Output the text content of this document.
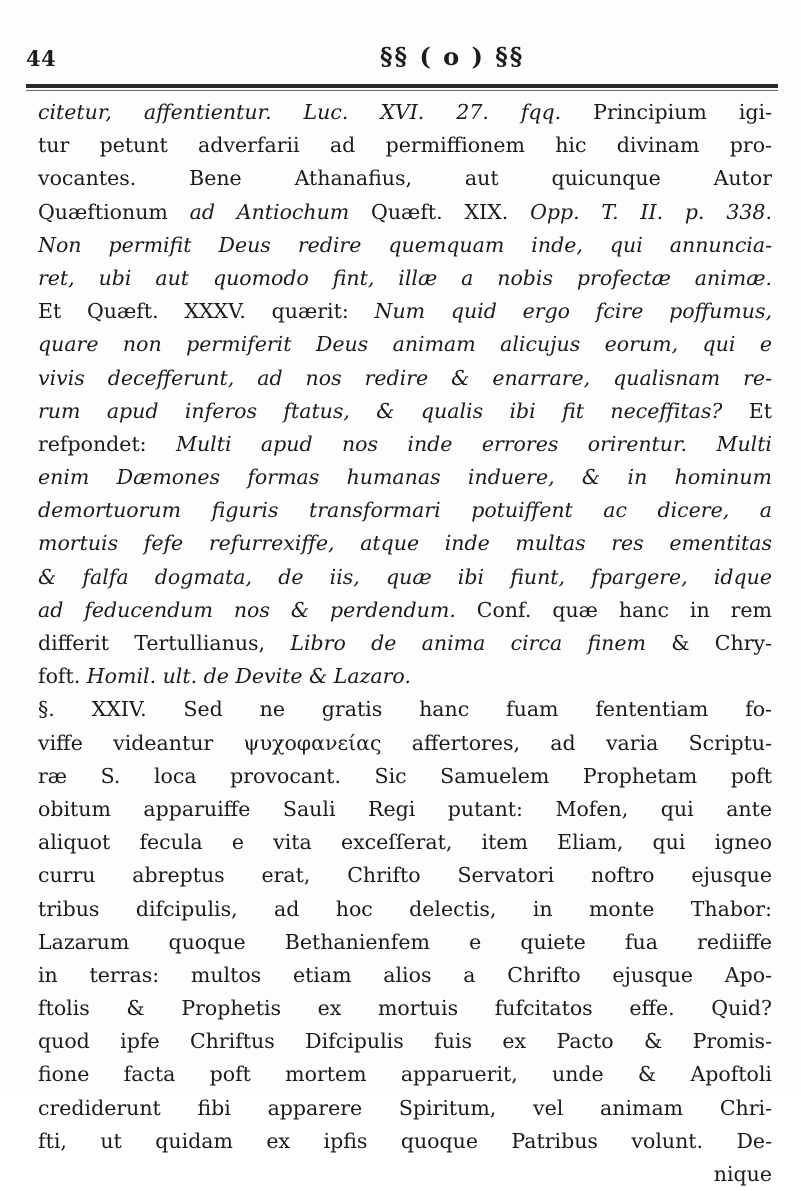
44	§§ ( o ) §§
citetur, affentientur. Luc. XVI. 27. fqq. Principium igi-
tur petunt adverfarii ad permiffionem hic divinam pro-
vocantes. Bene Athanafius, aut quicunque Autor
Quæftionum ad Antiochum Quæft. XIX. Opp. T. II. p. 338.
Non permifit Deus redire quemquam inde, qui annuncia-
ret, ubi aut quomodo fint, illæ a nobis profectæ animæ.
Et Quæft. XXXV. quærit: Num quid ergo fcire poffumus,
quare non permiferit Deus animam alicujus eorum, qui e
vivis decefferunt, ad nos redire & enarrare, qualisnam re-
rum apud inferos ftatus, & qualis ibi fit neceffitas? Et
refpondet: Multi apud nos inde errores orirentur. Multi
enim Dæmones formas humanas induere, & in hominum
demortuorum figuris transformari potuiffent ac dicere, a
mortuis fefe refurrexiffe, atque inde multas res ementitas
& falfa dogmata, de iis, quæ ibi fiunt, fpargere, idque
ad feducendum nos & perdendum. Conf. quæ hanc in rem
differit Tertullianus, Libro de anima circa finem & Chry-
foft. Homil. ult. de Devite & Lazaro.
§. XXIV. Sed ne gratis hanc fuam fententiam fo-
viffe videantur ψυχοφανείας affertores, ad varia Scriptu-
ræ S. loca provocant. Sic Samuelem Prophetam poft
obitum apparuiffe Sauli Regi putant: Mofen, qui ante
aliquot fecula e vita exceſſerat, item Eliam, qui igneo
curru abreptus erat, Chrifto Servatori noftro ejusque
tribus difcipulis, ad hoc delectis, in monte Thabor:
Lazarum quoque Bethanienfem e quiete fua rediiffe
in terras: multos etiam alios a Chrifto ejusque Apo-
ftolis & Prophetis ex mortuis fufcitatos effe. Quid?
quod ipfe Chriftus Difcipulis fuis ex Pacto & Promis-
fione facta poft mortem apparuerit, unde & Apoftoli
crediderunt fibi apparere Spiritum, vel animam Chri-
fti, ut quidam ex ipfis quoque Patribus volunt. De-
nique
